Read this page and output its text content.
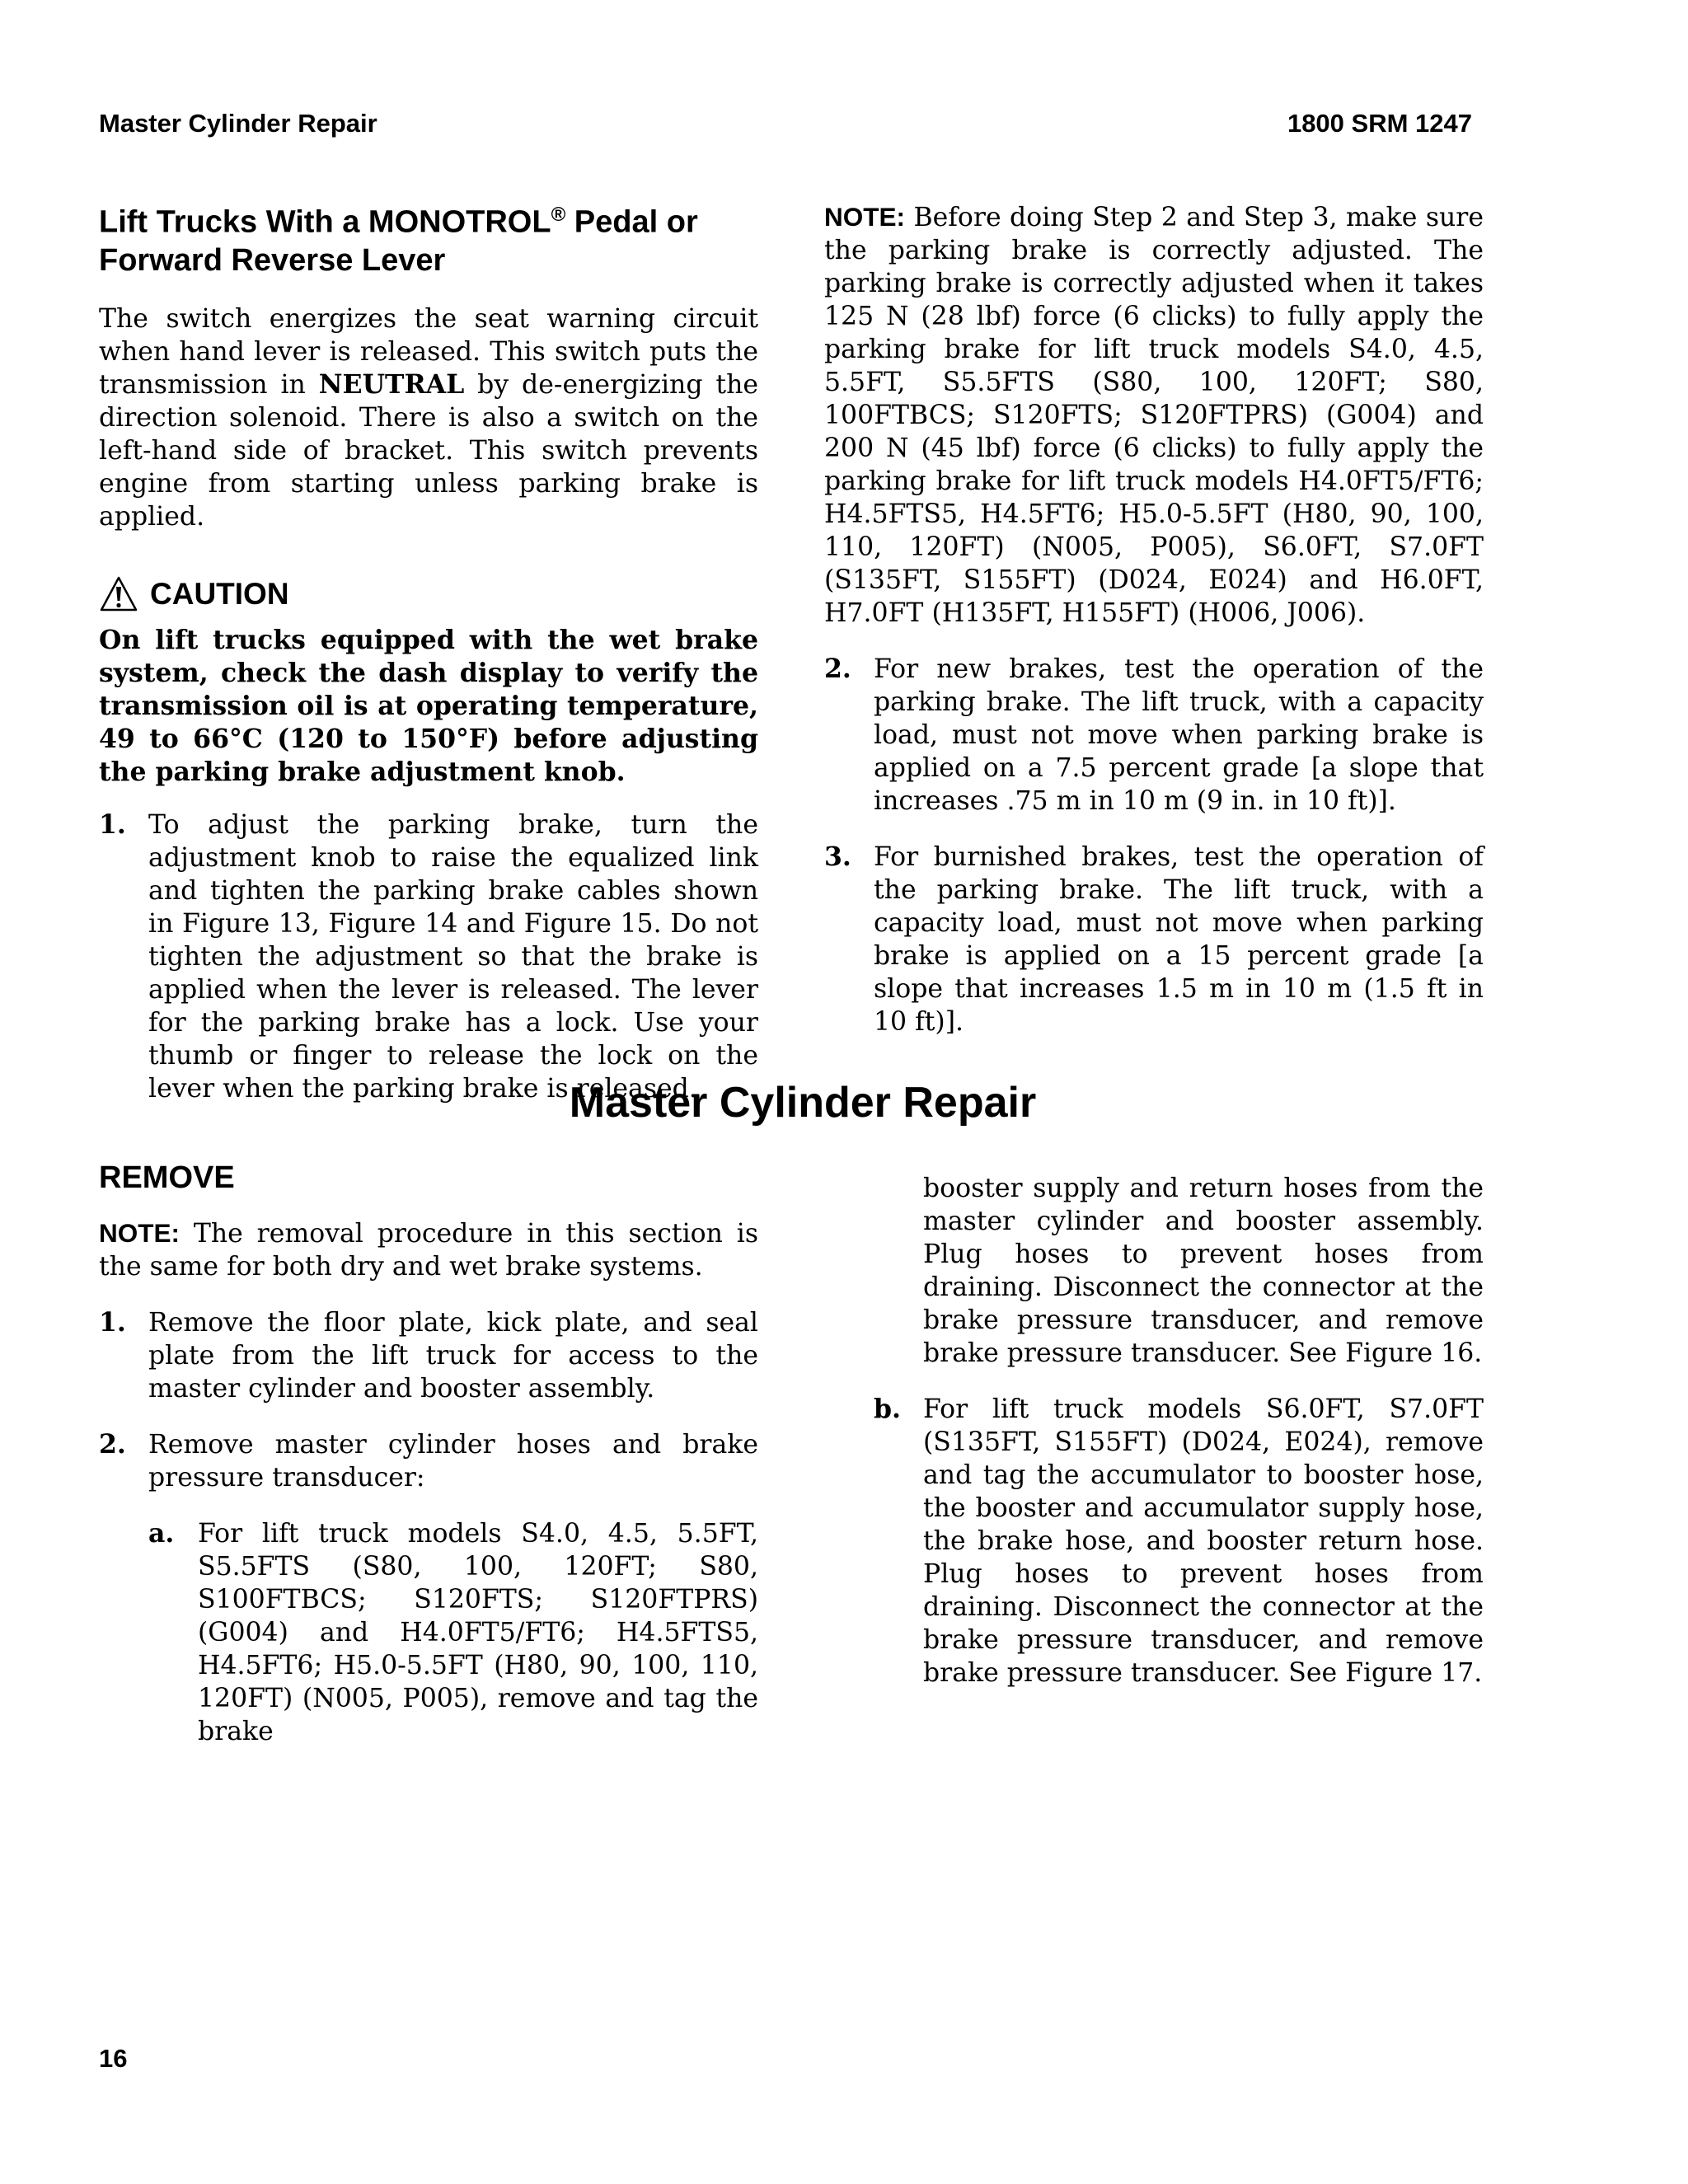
Master Cylinder Repair	1800 SRM 1247
Lift Trucks With a MONOTROL® Pedal or
Forward Reverse Lever

The switch energizes the seat warning circuit when hand lever is released. This switch puts the transmission in NEUTRAL by de-energizing the direction solenoid. There is also a switch on the left-hand side of bracket. This switch prevents engine from starting unless parking brake is applied.

CAUTION

On lift trucks equipped with the wet brake system, check the dash display to verify the transmission oil is at operating temperature, 49 to 66°C (120 to 150°F) before adjusting the parking brake adjustment knob.

1. To adjust the parking brake, turn the adjustment knob to raise the equalized link and tighten the parking brake cables shown in Figure 13, Figure 14 and Figure 15. Do not tighten the adjustment so that the brake is applied when the lever is released. The lever for the parking brake has a lock. Use your thumb or finger to release the lock on the lever when the parking brake is released.

NOTE: Before doing Step 2 and Step 3, make sure the parking brake is correctly adjusted. The parking brake is correctly adjusted when it takes 125 N (28 lbf) force (6 clicks) to fully apply the parking brake for lift truck models S4.0, 4.5, 5.5FT, S5.5FTS (S80, 100, 120FT; S80, 100FTBCS; S120FTS; S120FTPRS) (G004) and 200 N (45 lbf) force (6 clicks) to fully apply the parking brake for lift truck models H4.0FT5/FT6; H4.5FTS5, H4.5FT6; H5.0-5.5FT (H80, 90, 100, 110, 120FT) (N005, P005), S6.0FT, S7.0FT (S135FT, S155FT) (D024, E024) and H6.0FT, H7.0FT (H135FT, H155FT) (H006, J006).

2. For new brakes, test the operation of the parking brake. The lift truck, with a capacity load, must not move when parking brake is applied on a 7.5 percent grade [a slope that increases .75 m in 10 m (9 in. in 10 ft)].
3. For burnished brakes, test the operation of the parking brake. The lift truck, with a capacity load, must not move when parking brake is applied on a 15 percent grade [a slope that increases 1.5 m in 10 m (1.5 ft in 10 ft)].
Master Cylinder Repair
REMOVE

NOTE: The removal procedure in this section is the same for both dry and wet brake systems.

1. Remove the floor plate, kick plate, and seal plate from the lift truck for access to the master cylinder and booster assembly.
2. Remove master cylinder hoses and brake pressure transducer:
a. For lift truck models S4.0, 4.5, 5.5FT, S5.5FTS (S80, 100, 120FT; S80, S100FTBCS; S120FTS; S120FTPRS) (G004) and H4.0FT5/FT6; H4.5FTS5, H4.5FT6; H5.0-5.5FT (H80, 90, 100, 110, 120FT) (N005, P005), remove and tag the brake

booster supply and return hoses from the master cylinder and booster assembly. Plug hoses to prevent hoses from draining. Disconnect the connector at the brake pressure transducer, and remove brake pressure transducer. See Figure 16.

b. For lift truck models S6.0FT, S7.0FT (S135FT, S155FT) (D024, E024), remove and tag the accumulator to booster hose, the booster and accumulator supply hose, the brake hose, and booster return hose. Plug hoses to prevent hoses from draining. Disconnect the connector at the brake pressure transducer, and remove brake pressure transducer. See Figure 17.
16
